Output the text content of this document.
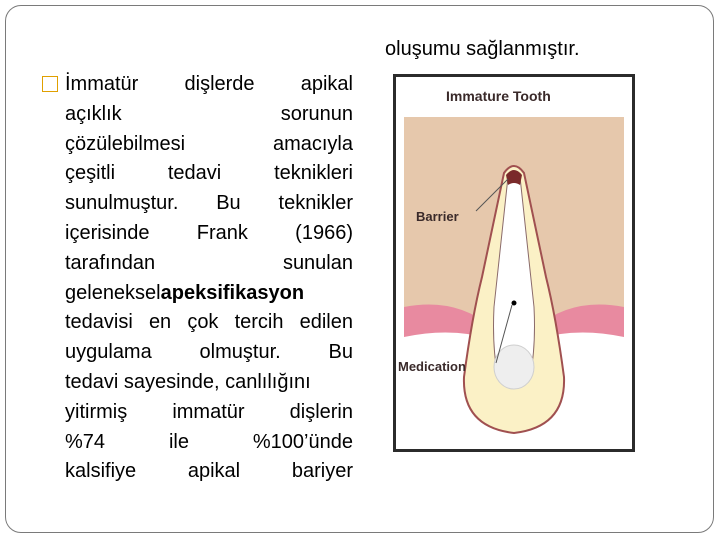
oluşumu sağlanmıştır.
İmmatür dişlerde apikal
açıklık	sorunun
çözülebilmesi	amacıyla
çeşitli	tedavi	teknikleri
sunulmuştur. Bu teknikler
içerisinde Frank (1966)
tarafından	sunulan
geleneksel apeksifikasyon
tedavisi en çok tercih edilen
uygulama olmuştur. Bu
tedavi sayesinde, canlılığını
yitirmiş immatür dişlerin
%74	ile	%100’ünde
kalsifiye	apikal	bariyer
Immature Tooth
Barrier
Medication
